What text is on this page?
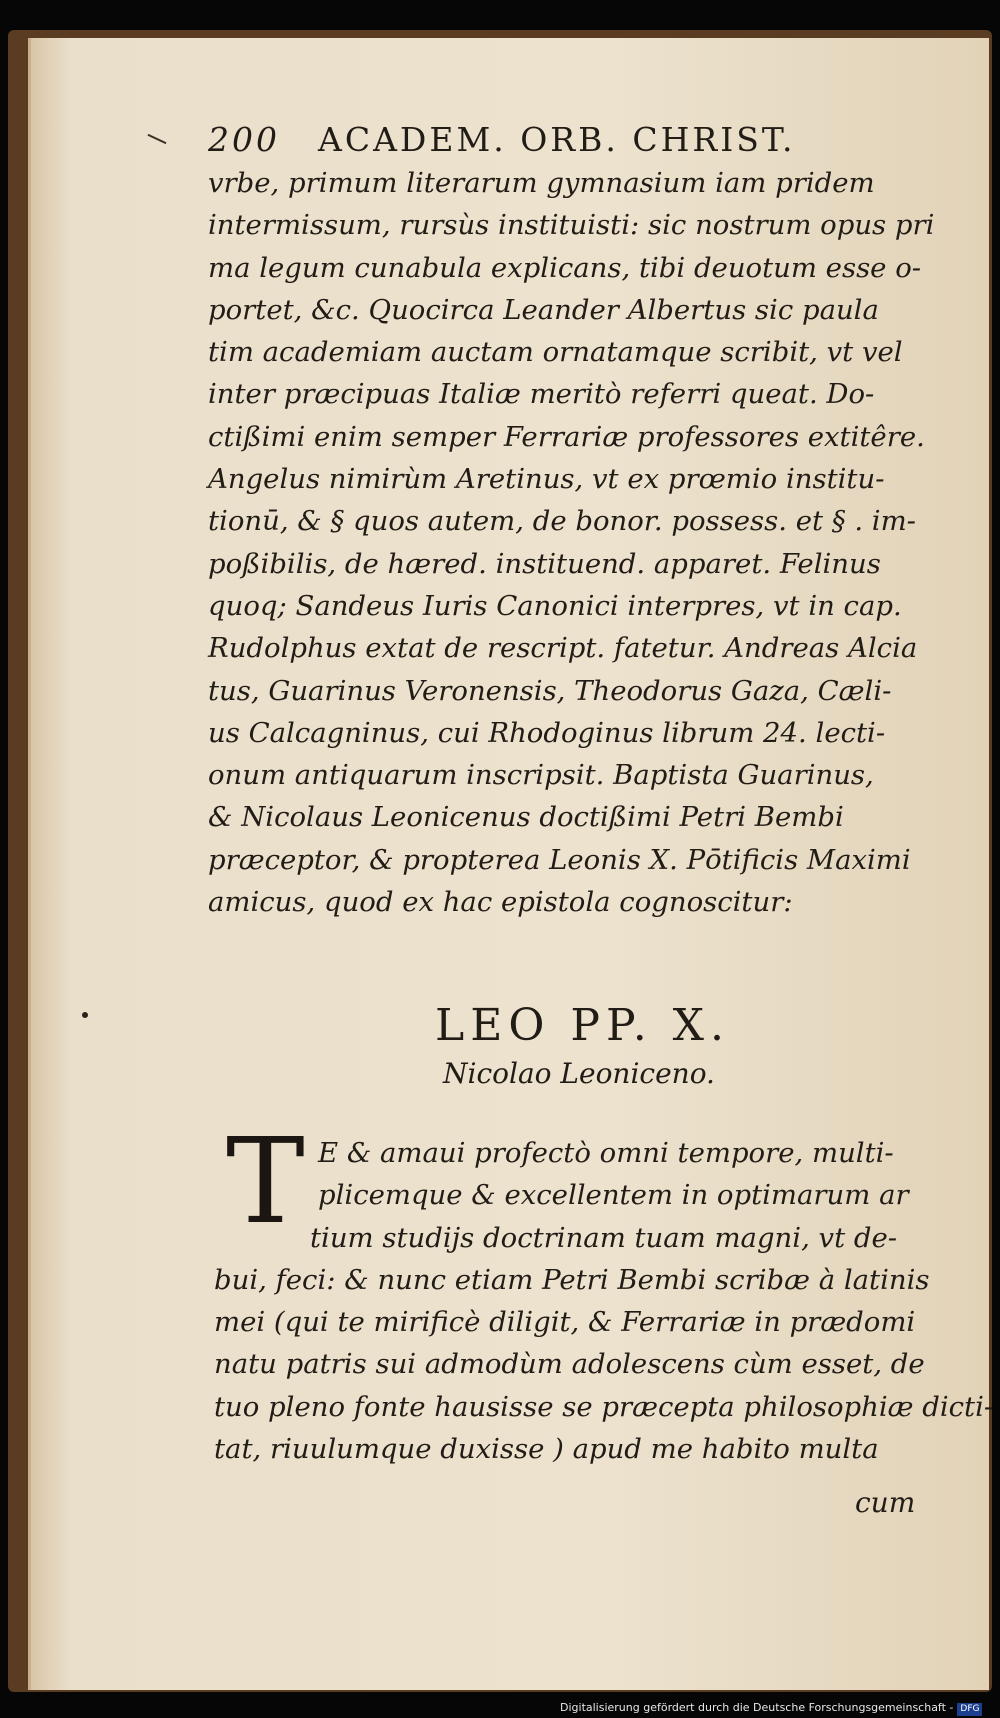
200 ACADEM. ORB. CHRIST.
vrbe, primum literarum gymnasium iam pridem
intermissum, rursùs instituisti: sic nostrum opus pri
ma legum cunabula explicans, tibi deuotum esse o-
portet, &c. Quocirca Leander Albertus sic paula
tim academiam auctam ornatamque scribit, vt vel
inter præcipuas Italiæ meritò referri queat. Do-
ctißimi enim semper Ferrariæ professores extitêre.
Angelus nimirùm Aretinus, vt ex prœmio institu-
tionū, & § quos autem, de bonor. possess. et § . im-
poßibilis, de hæred. instituend. apparet. Felinus
quoq; Sandeus Iuris Canonici interpres, vt in cap.
Rudolphus extat de rescript. fatetur. Andreas Alcia
tus, Guarinus Veronensis, Theodorus Gaza, Cæli-
us Calcagninus, cui Rhodoginus librum 24. lecti-
onum antiquarum inscripsit. Baptista Guarinus,
& Nicolaus Leonicenus doctißimi Petri Bembi
præceptor, & propterea Leonis X. Pōtificis Maximi
amicus, quod ex hac epistola cognoscitur:
LEO PP. X.
Nicolao Leoniceno.
T E & amaui profectò omni tempore, multi-
plicemque & excellentem in optimarum ar
tium studijs doctrinam tuam magni, vt de-
bui, feci: & nunc etiam Petri Bembi scribæ à latinis
mei (qui te mirificè diligit, & Ferrariæ in prædomi
natu patris sui admodùm adolescens cùm esset, de
tuo pleno fonte hausisse se præcepta philosophiæ dicti-
tat, riuulumque duxisse ) apud me habito multa
cum
Digitalisierung gefördert durch die Deutsche Forschungsgemeinschaft - DFG
